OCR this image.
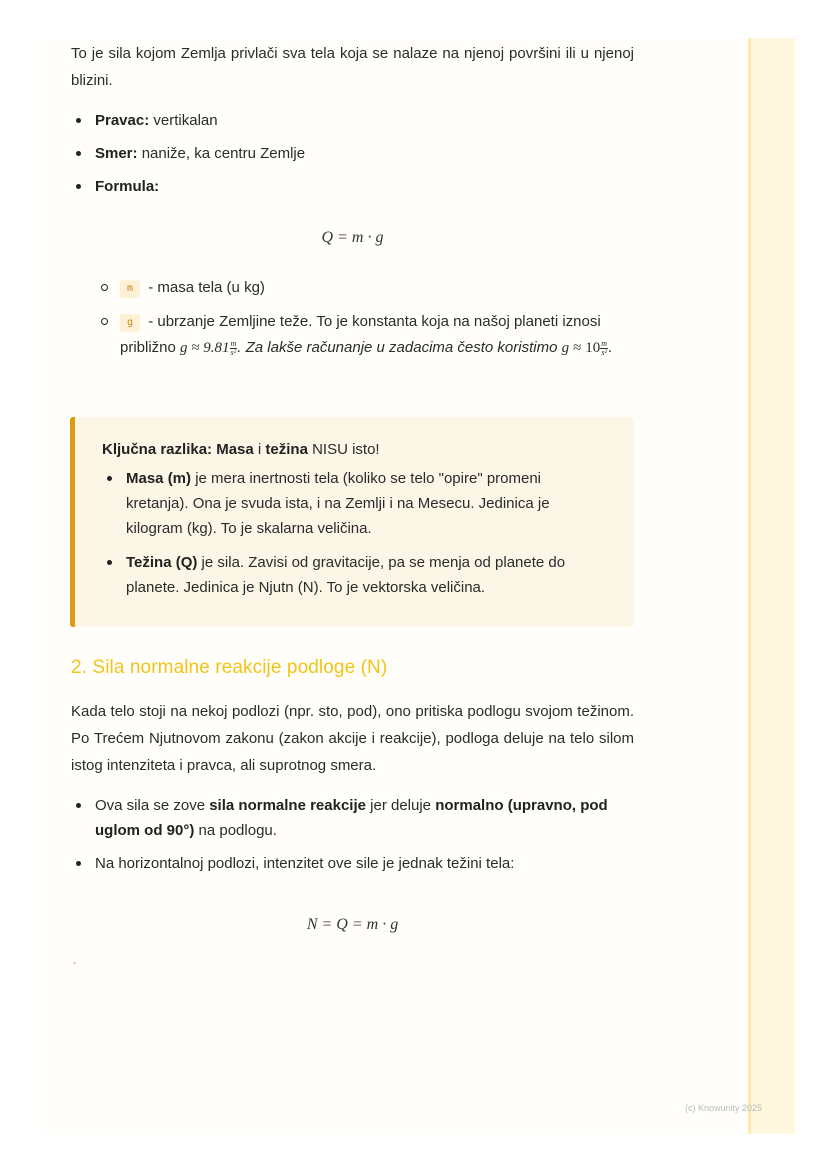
To je sila kojom Zemlja privlači sva tela koja se nalaze na njenoj površini ili u njenoj blizini.

Pravac: vertikalan
Smer: naniže, ka centru Zemlje
Formula:
Q = m · g
m - masa tela (u kg)
g - ubrzanje Zemljine teže. To je konstanta koja na našoj planeti iznosi približno $g \approx 9.81 \frac{m}{\text{s²}}$ . Za lakše računanje u zadacima često koristimo $g \approx 10 \frac{m}{\text{s²}}$ .
Ključna razlika: Masa i težina NISU isto!
Masa (m) je mera inertnosti tela (koliko se telo "opire" promeni kretanja). Ona je svuda ista, i na Zemlji i na Mesecu. Jedinica je kilogram (kg). To je skalarna veličina.
Težina (Q) je sila. Zavisi od gravitacije, pa se menja od planete do planete. Jedinica je Njutn (N). To je vektorska veličina.
2. Sila normalne reakcije podloge (N)

Kada telo stoji na nekoj podlozi (npr. sto, pod), ono pritiska podlogu svojom težinom. Po Trećem Njutnovom zakonu (zakon akcije i reakcije), podloga deluje na telo silom istog intenziteta i pravca, ali suprotnog smera.

Ova sila se zove sila normalne reakcije jer deluje normalno (upravno, pod uglom od 90°) na podlogu.
Na horizontalnoj podlozi, intenzitet ove sile je jednak težini tela:
N = Q = m · g
`
(c) Knowunity 2025
